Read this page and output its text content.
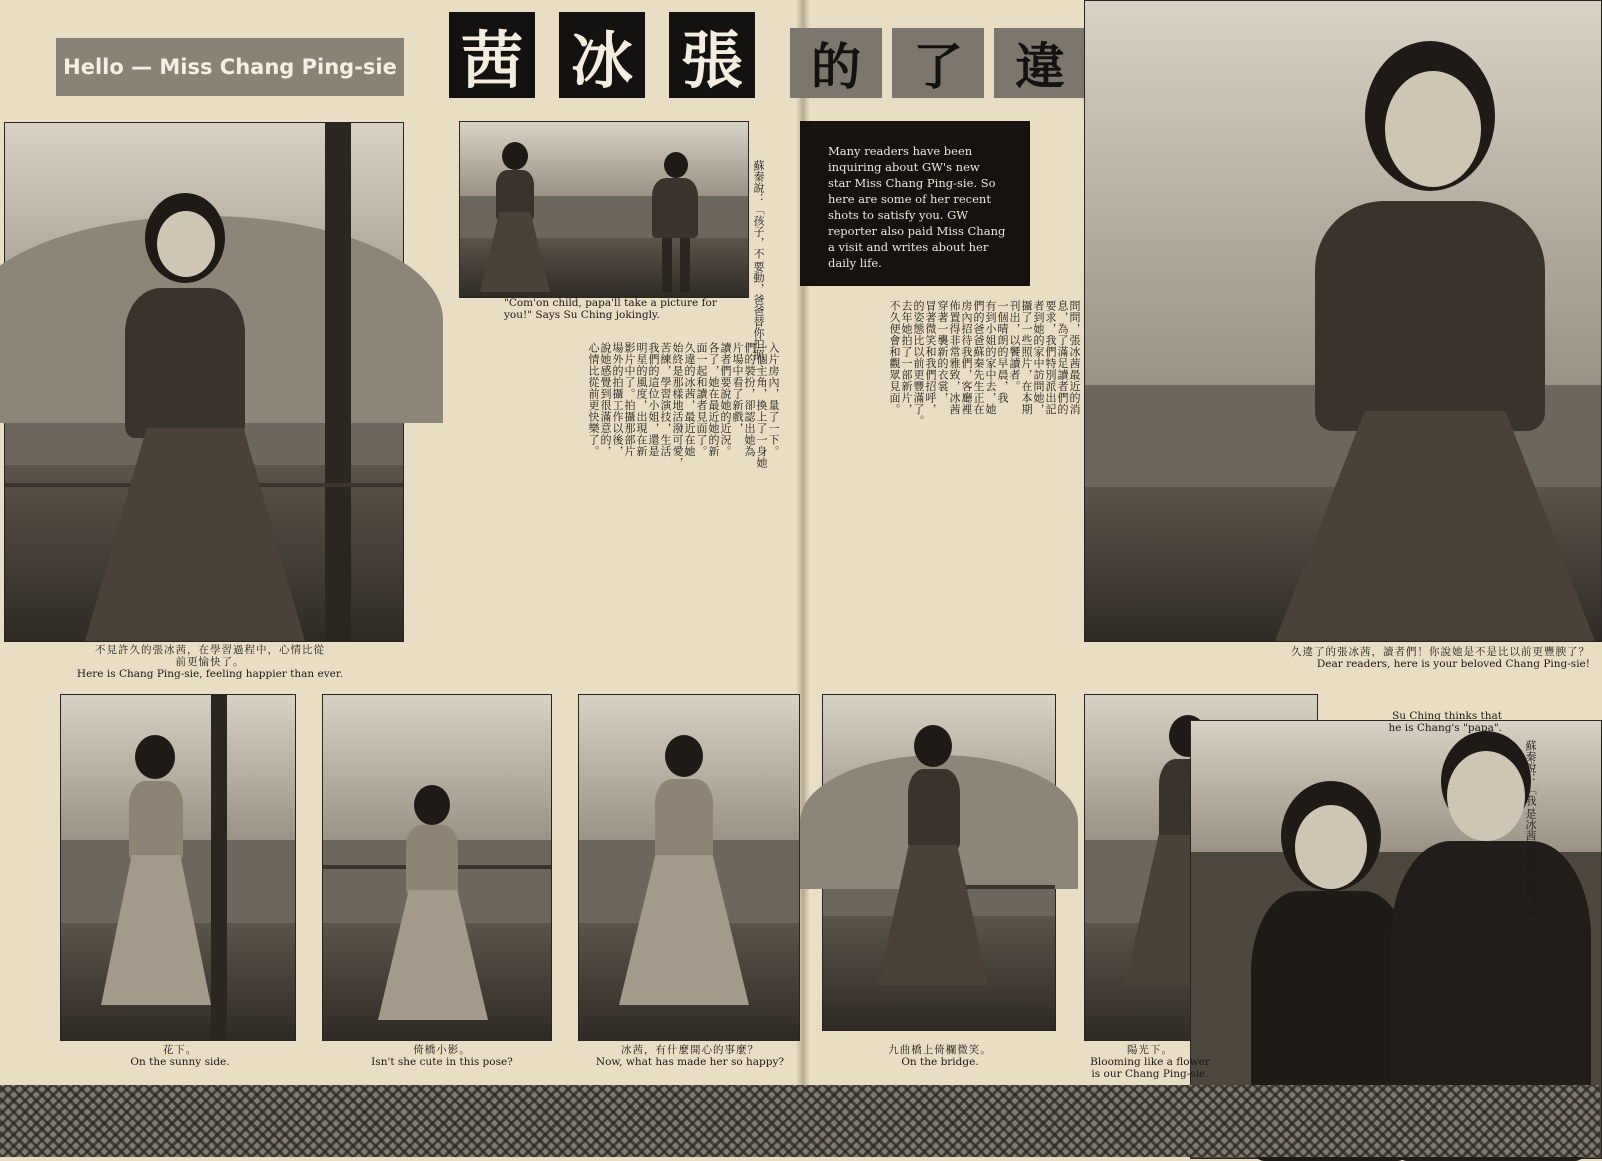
Hello — Miss Chang Ping-sie 茜 冰 張 的 了 違
蘇秦說：「孩子，不
要動，爸爸替你拍照。」
"Com'on child, papa'll take a picture for you!" Says Su Ching jokingly.

Many readers have been inquiring about GW's new star Miss Chang Ping-sie. So here are some of her recent shots to satisfy you. GW reporter also paid Miss Chang a visit and writes about her daily life.

入片房內，量了一下。
一個主角，換上了一身她
們的裝扮，卻認出她為
片場中看了新戲，
讀者們要說她的近況。
各了，她在最近她的新
面一起和讀者見面了。
久違的冰茜，最近在她
始終是那樣地活潑可愛，
苦練，學習演技，生活
我們的這位小姐，還是
明星的風度，出現在新
影片中了。拍攝那部片
場外的拍攝工作以後，
說她感覺到很滿意的，
心情比從前更快樂了。	問問，張冰茜最近的消
息，為了滿足讀者們的
要求，我們特別派出記
者到她的家中訪問她，
攝了一些照片，在本期
刊出，以饗讀者。
一個晴朗的早晨，我
有到小姐的家中去，她
們的爸爸蘇秦先生正在
房內招待我們，客廳裡
佈置得非常雅致，冰茜
穿著一襲新的衣裳，
冒著微笑和我們招呼，
的姿態比以前更豐滿了。
去年她拍了一部新片，
不久便會和觀眾見面。
不見許久的張冰茜，在學習過程中，心情比從
前更愉快了。
Here is Chang Ping-sie, feeling happier than ever.
久違了的張冰茜，讀者們！你說她是不是比以前更豐腴了？
Dear readers, here is your beloved Chang Ping-sie!
Su Ching thinks that he is Chang's "papa".
蘇秦說：「我
是冰茜的冒牌
爸爸！」
花下。
On the sunny side.
倚橋小影。
Isn't she cute in this pose?
冰茜，有什麼開心的事麼？
Now, what has made her so happy?
九曲橋上倚欄微笑。
On the bridge.
陽光下。
Blooming like a flower is our Chang Ping-sie.
